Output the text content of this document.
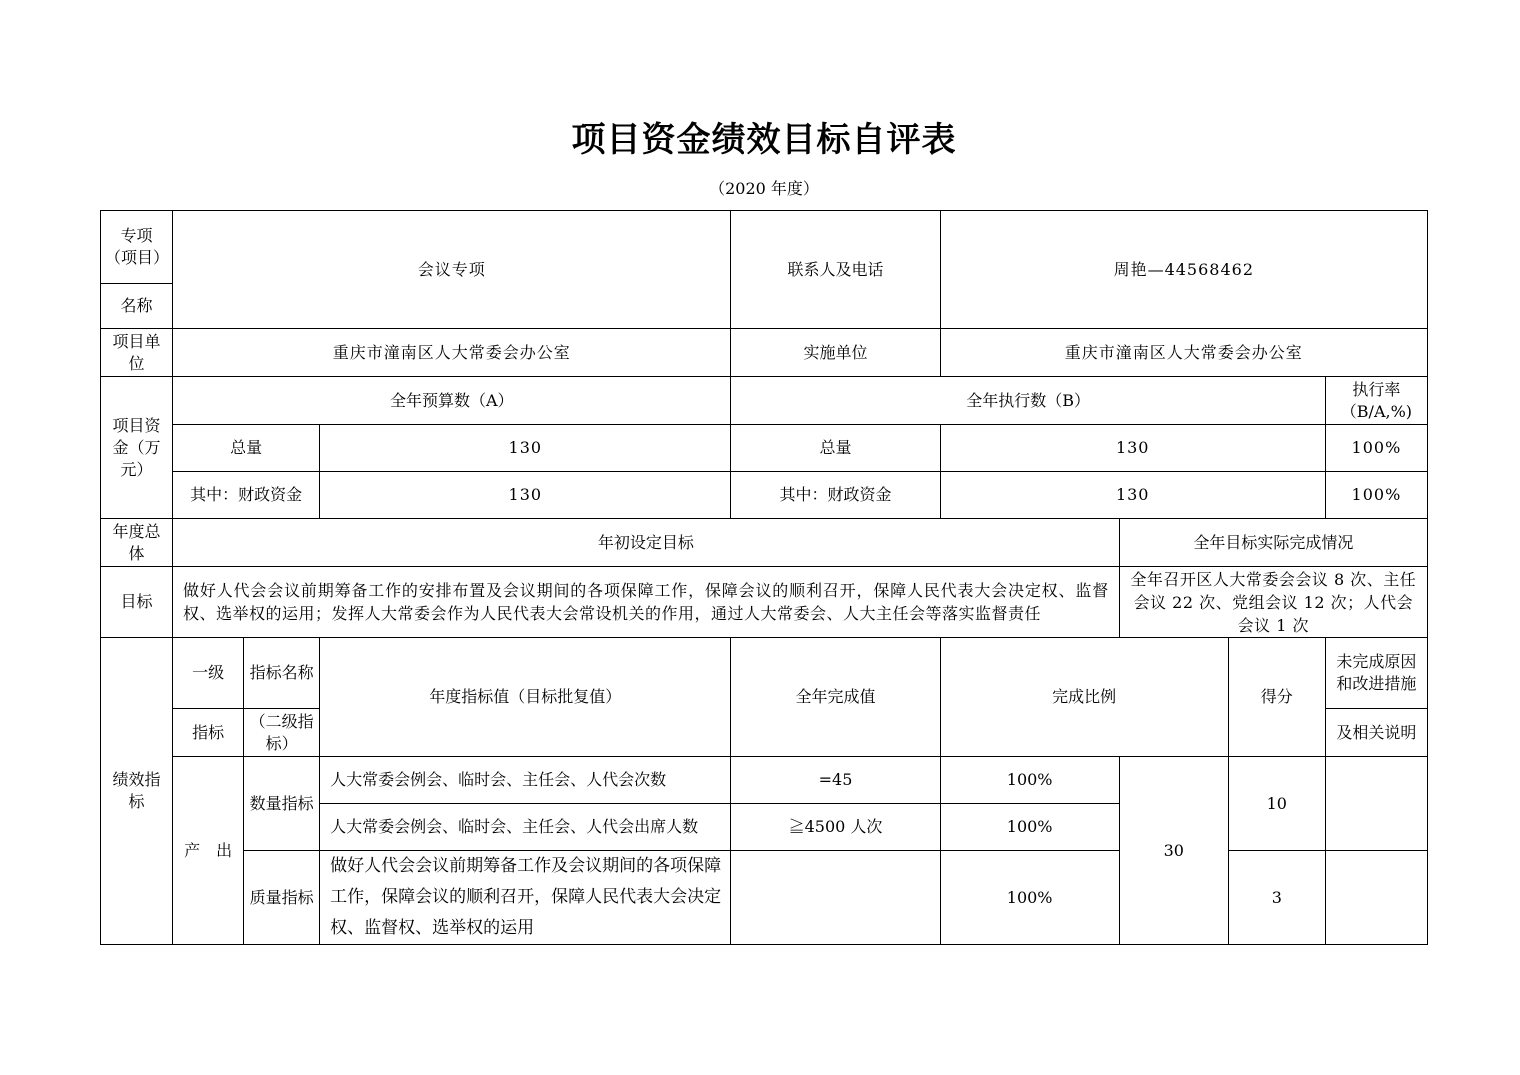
项目资金绩效目标自评表
（2020 年度）
专项（项目）	会议专项			联系人及电话	周艳—44568462			
名称								
项目单位	重庆市潼南区人大常委会办公室			实施单位	重庆市潼南区人大常委会办公室			
项目资金（万元）	全年预算数（A）			全年执行数（B）				执行率（B/A,%)
	总量		130	总量	130			100%
	其中：财政资金		130	其中：财政资金	130			100%
年度总体	年初设定目标					全年目标实际完成情况		
目标	做好人代会会议前期筹备工作的安排布置及会议期间的各项保障工作，保障会议的顺利召开，保障人民代表大会决定权、监督权、选举权的运用；发挥人大常委会作为人民代表大会常设机关的作用，通过人大常委会、人大主任会等落实监督责任					全年召开区人大常委会会议 8 次、主任会议 22 次、党组会议 12 次；人代会会议 1 次		
绩效指标	一级	指标名称	年度指标值（目标批复值）	全年完成值	完成比例		得分	未完成原因和改进措施
	指标	（二级指标）						及相关说明
	产　出	数量指标	人大常委会例会、临时会、主任会、人代会次数	=45	100%	30	10	
			人大常委会例会、临时会、主任会、人代会出席人数	≧4500 人次	100%			
		质量指标	做好人代会会议前期筹备工作及会议期间的各项保障工作，保障会议的顺利召开，保障人民代表大会决定权、监督权、选举权的运用		100%		3	
